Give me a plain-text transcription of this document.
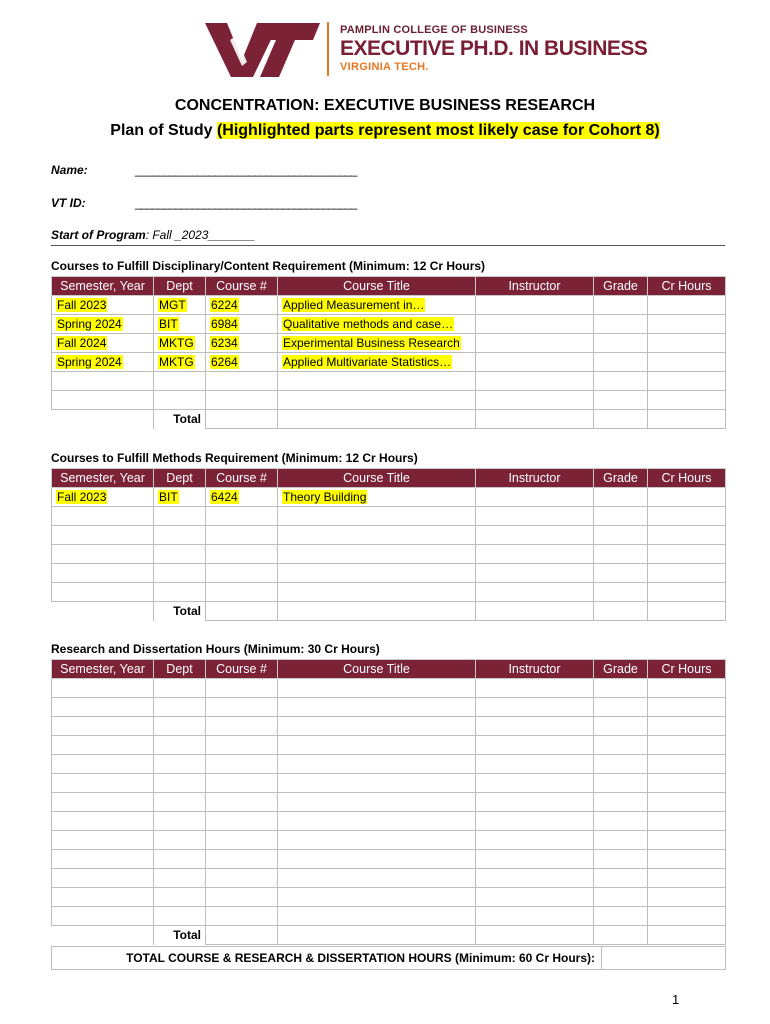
PAMPLIN COLLEGE OF BUSINESS
EXECUTIVE PH.D. IN BUSINESS
VIRGINIA TECH.
CONCENTRATION: EXECUTIVE BUSINESS RESEARCH
Plan of Study (Highlighted parts represent most likely case for Cohort 8)
Name:	_______________________________________
VT ID:	_______________________________________
Start of Program: Fall _2023_______
Courses to Fulfill Disciplinary/Content Requirement (Minimum: 12 Cr Hours)
Semester, Year	Dept	Course #	Course Title	Instructor	Grade	Cr Hours
Fall 2023	MGT	6224	Applied Measurement in…			
Spring 2024	BIT	6984	Qualitative methods and case…			
Fall 2024	MKTG	6234	Experimental Business Research			
Spring 2024	MKTG	6264	Applied Multivariate Statistics…			

	Total					
Courses to Fulfill Methods Requirement (Minimum: 12 Cr Hours)
Semester, Year	Dept	Course #	Course Title	Instructor	Grade	Cr Hours
Fall 2023	BIT	6424	Theory Building			

	Total					
Research and Dissertation Hours (Minimum: 30 Cr Hours)
Semester, Year	Dept	Course #	Course Title	Instructor	Grade	Cr Hours

	Total					
TOTAL COURSE & RESEARCH & DISSERTATION HOURS (Minimum: 60 Cr Hours):	
1
